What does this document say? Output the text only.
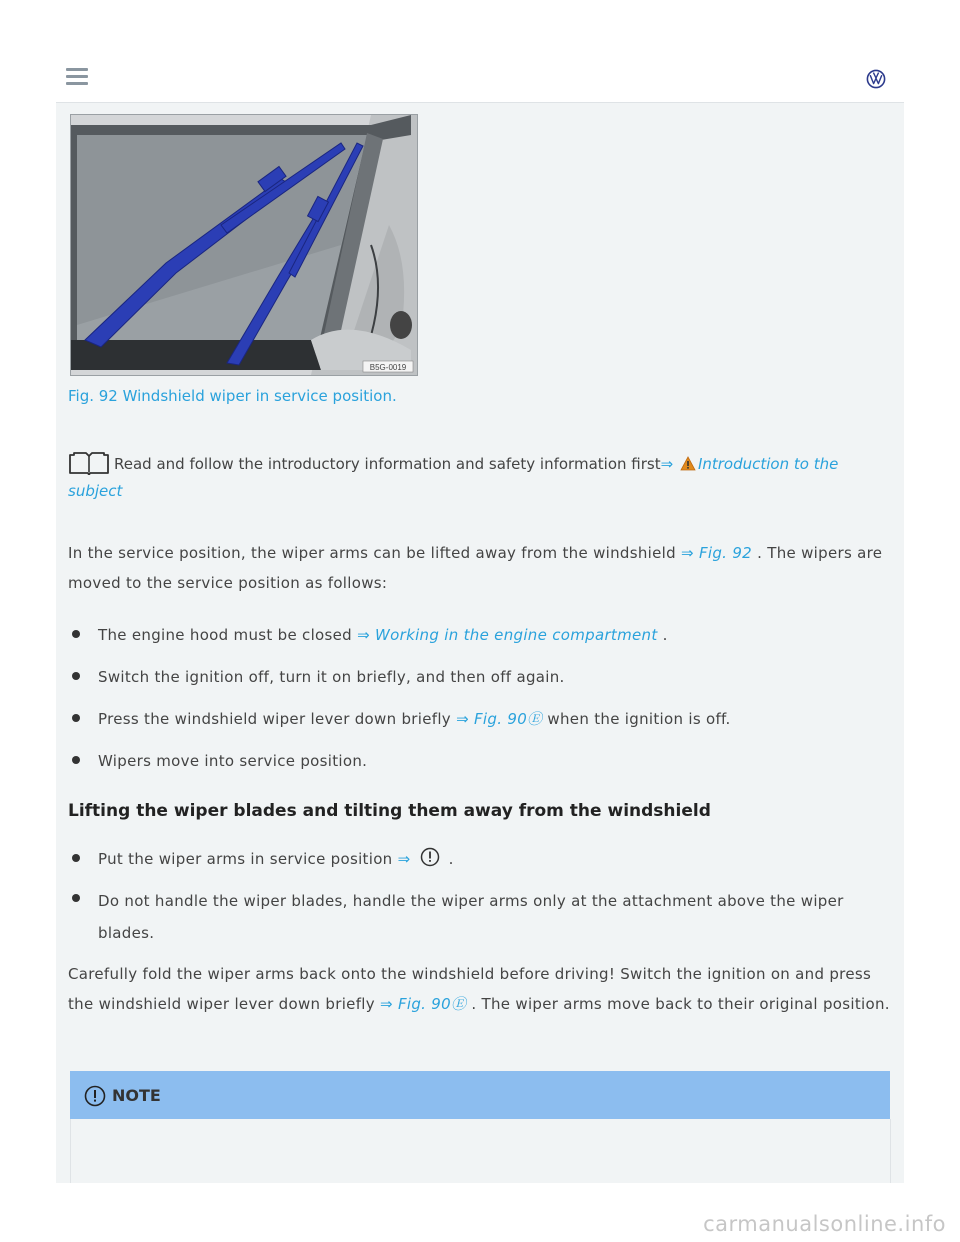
B5G-0019
Fig. 92 Windshield wiper in service position.
Read and follow the introductory information and safety information first⇒ Introduction to the subject
In the service position, the wiper arms can be lifted away from the windshield ⇒ Fig. 92 . The wipers are moved to the service position as follows:
The engine hood must be closed ⇒ Working in the engine compartment .
Switch the ignition off, turn it on briefly, and then off again.
Press the windshield wiper lever down briefly ⇒ Fig. 90Ⓔ when the ignition is off.
Wipers move into service position.
Lifting the wiper blades and tilting them away from the windshield
Put the wiper arms in service position ⇒	.
Do not handle the wiper blades, handle the wiper arms only at the attachment above the wiper blades.
Carefully fold the wiper arms back onto the windshield before driving! Switch the ignition on and press the windshield wiper lever down briefly ⇒ Fig. 90Ⓔ . The wiper arms move back to their original position.
NOTE
carmanualsonline.info
